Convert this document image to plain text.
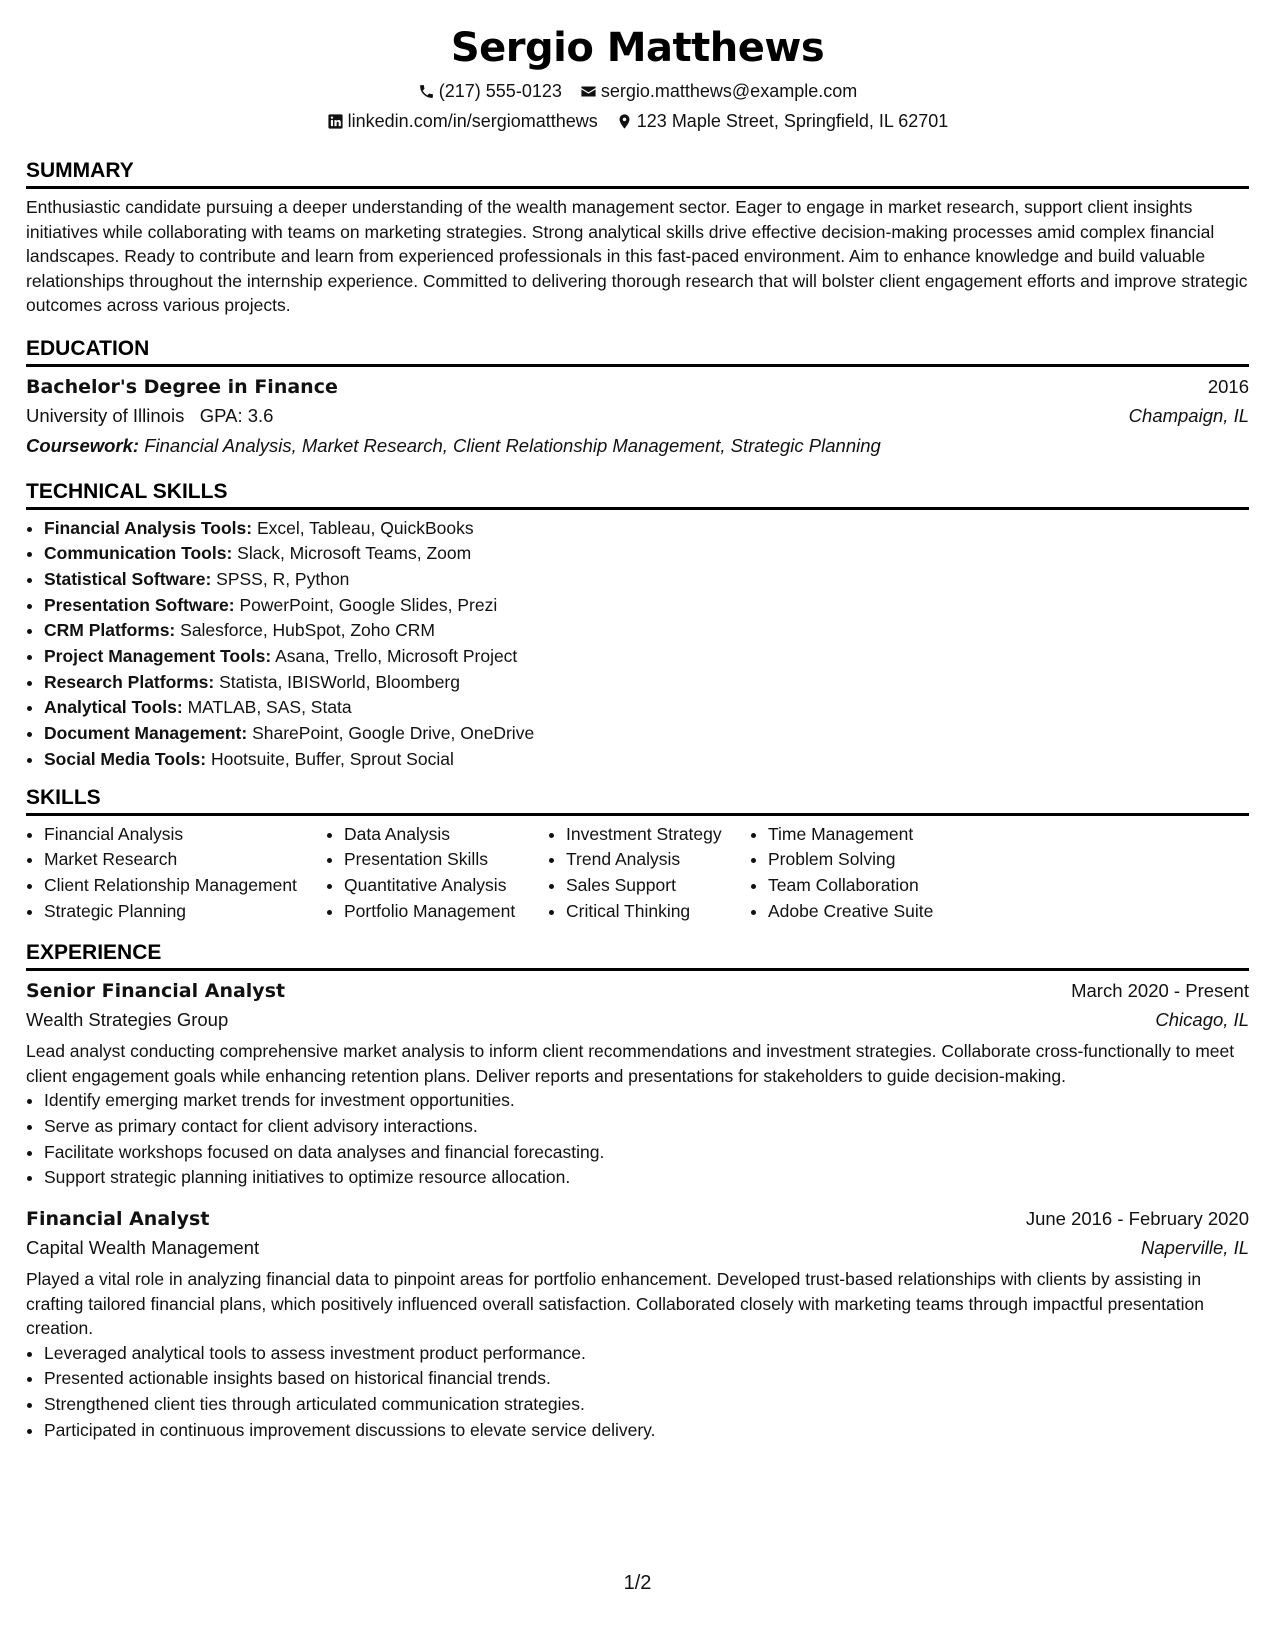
Sergio Matthews
(217) 555-0123 sergio.matthews@example.com
linkedin.com/in/sergiomatthews 123 Maple Street, Springfield, IL 62701
SUMMARY

Enthusiastic candidate pursuing a deeper understanding of the wealth management sector. Eager to engage in market research, support client insights initiatives while collaborating with teams on marketing strategies. Strong analytical skills drive effective decision-making processes amid complex financial landscapes. Ready to contribute and learn from experienced professionals in this fast-paced environment. Aim to enhance knowledge and build valuable relationships throughout the internship experience. Committed to delivering thorough research that will bolster client engagement efforts and improve strategic outcomes across various projects.

EDUCATION
Bachelor's Degree in Finance	2016
University of Illinois GPA: 3.6	Champaign, IL
Coursework: Financial Analysis, Market Research, Client Relationship Management, Strategic Planning
TECHNICAL SKILLS
• Financial Analysis Tools: Excel, Tableau, QuickBooks
• Communication Tools: Slack, Microsoft Teams, Zoom
• Statistical Software: SPSS, R, Python
• Presentation Software: PowerPoint, Google Slides, Prezi
• CRM Platforms: Salesforce, HubSpot, Zoho CRM
• Project Management Tools: Asana, Trello, Microsoft Project
• Research Platforms: Statista, IBISWorld, Bloomberg
• Analytical Tools: MATLAB, SAS, Stata
• Document Management: SharePoint, Google Drive, OneDrive
• Social Media Tools: Hootsuite, Buffer, Sprout Social
SKILLS
• Financial Analysis
• Market Research
• Client Relationship Management
• Strategic Planning
• Data Analysis
• Presentation Skills
• Quantitative Analysis
• Portfolio Management
• Investment Strategy
• Trend Analysis
• Sales Support
• Critical Thinking
• Time Management
• Problem Solving
• Team Collaboration
• Adobe Creative Suite
EXPERIENCE
Senior Financial Analyst	March 2020 - Present
Wealth Strategies Group	Chicago, IL

Lead analyst conducting comprehensive market analysis to inform client recommendations and investment strategies. Collaborate cross-functionally to meet client engagement goals while enhancing retention plans. Deliver reports and presentations for stakeholders to guide decision-making.

• Identify emerging market trends for investment opportunities.
• Serve as primary contact for client advisory interactions.
• Facilitate workshops focused on data analyses and financial forecasting.
• Support strategic planning initiatives to optimize resource allocation.
Financial Analyst	June 2016 - February 2020
Capital Wealth Management	Naperville, IL

Played a vital role in analyzing financial data to pinpoint areas for portfolio enhancement. Developed trust-based relationships with clients by assisting in crafting tailored financial plans, which positively influenced overall satisfaction. Collaborated closely with marketing teams through impactful presentation creation.

• Leveraged analytical tools to assess investment product performance.
• Presented actionable insights based on historical financial trends.
• Strengthened client ties through articulated communication strategies.
• Participated in continuous improvement discussions to elevate service delivery.
1/2
